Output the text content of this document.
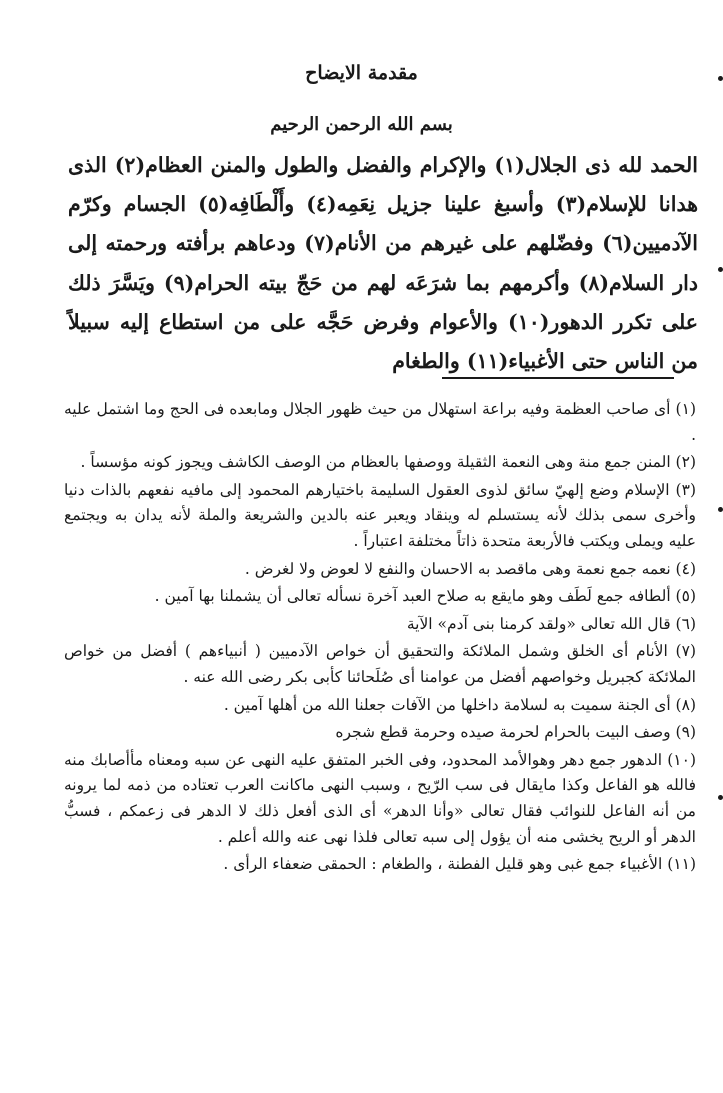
مقدمة الايضاح
بسم الله الرحمن الرحيم

الحمد لله ذى الجلال(١) والإكرام والفضل والطول والمنن العظام(٢) الذى هدانا للإسلام(٣) وأسبغ علينا جزيل نِعَمِه(٤) وأَلْطَافِه(٥) الجسام وكرّم الآدميين(٦) وفضّلهم على غيرهم من الأنام(٧) ودعاهم برأفته ورحمته إلى دار السلام(٨) وأكرمهم بما شرَعَه لهم من حَجّ بيته الحرام(٩) ويَسَّرَ ذلك على تكرر الدهور(١٠) والأعوام وفرض حَجَّه على من استطاع إليه سبيلاً من الناس حتى الأغبياء(١١) والطغام

(١) أى صاحب العظمة وفيه براعة استهلال من حيث ظهور الجلال ومابعده فى الحج وما اشتمل عليه .

(٢) المنن جمع منة وهى النعمة الثقيلة ووصفها بالعظام من الوصف الكاشف ويجوز كونه مؤسساً .

(٣) الإسلام وضع إلهيّ سائق لذوى العقول السليمة باختيارهم المحمود إلى مافيه نفعهم بالذات دنيا وأخرى سمى بذلك لأنه يستسلم له وينقاد ويعبر عنه بالدين والشريعة والملة لأنه يدان به ويجتمع عليه ويملى ويكتب فالأربعة متحدة ذاتاً مختلفة اعتباراً .

(٤) نعمه جمع نعمة وهى ماقصد به الاحسان والنفع لا لعوض ولا لغرض .

(٥) ألطافه جمع لَطَف وهو مايقع به صلاح العبد آخرة نسأله تعالى أن يشملنا بها آمين .

(٦) قال الله تعالى «ولقد كرمنا بنى آدم» الآية

(٧) الأنام أى الخلق وشمل الملائكة والتحقيق أن خواص الآدميين ( أنبياءهم ) أفضل من خواص الملائكة كجبريل وخواصهم أفضل من عوامنا أى صُلَحائنا كأبى بكر رضى الله عنه .

(٨) أى الجنة سميت به لسلامة داخلها من الآفات جعلنا الله من أهلها آمين .

(٩) وصف البيت بالحرام لحرمة صيده وحرمة قطع شجره

(١٠) الدهور جمع دهر وهوالأمد المحدود، وفى الخبر المتفق عليه النهى عن سبه ومعناه مأأصابك منه فالله هو الفاعل وكذا مايقال فى سب الرّيح ، وسبب النهى ماكانت العرب تعتاده من ذمه لما يرونه من أنه الفاعل للنوائب فقال تعالى «وأنا الدهر» أى الذى أفعل ذلك لا الدهر فى زعمكم ، فسبُّ الدهر أو الريح يخشى منه أن يؤول إلى سبه تعالى فلذا نهى عنه والله أعلم .

(١١) الأغبياء جمع غبى وهو قليل الفطنة ، والطغام : الحمقى ضعفاء الرأى .
